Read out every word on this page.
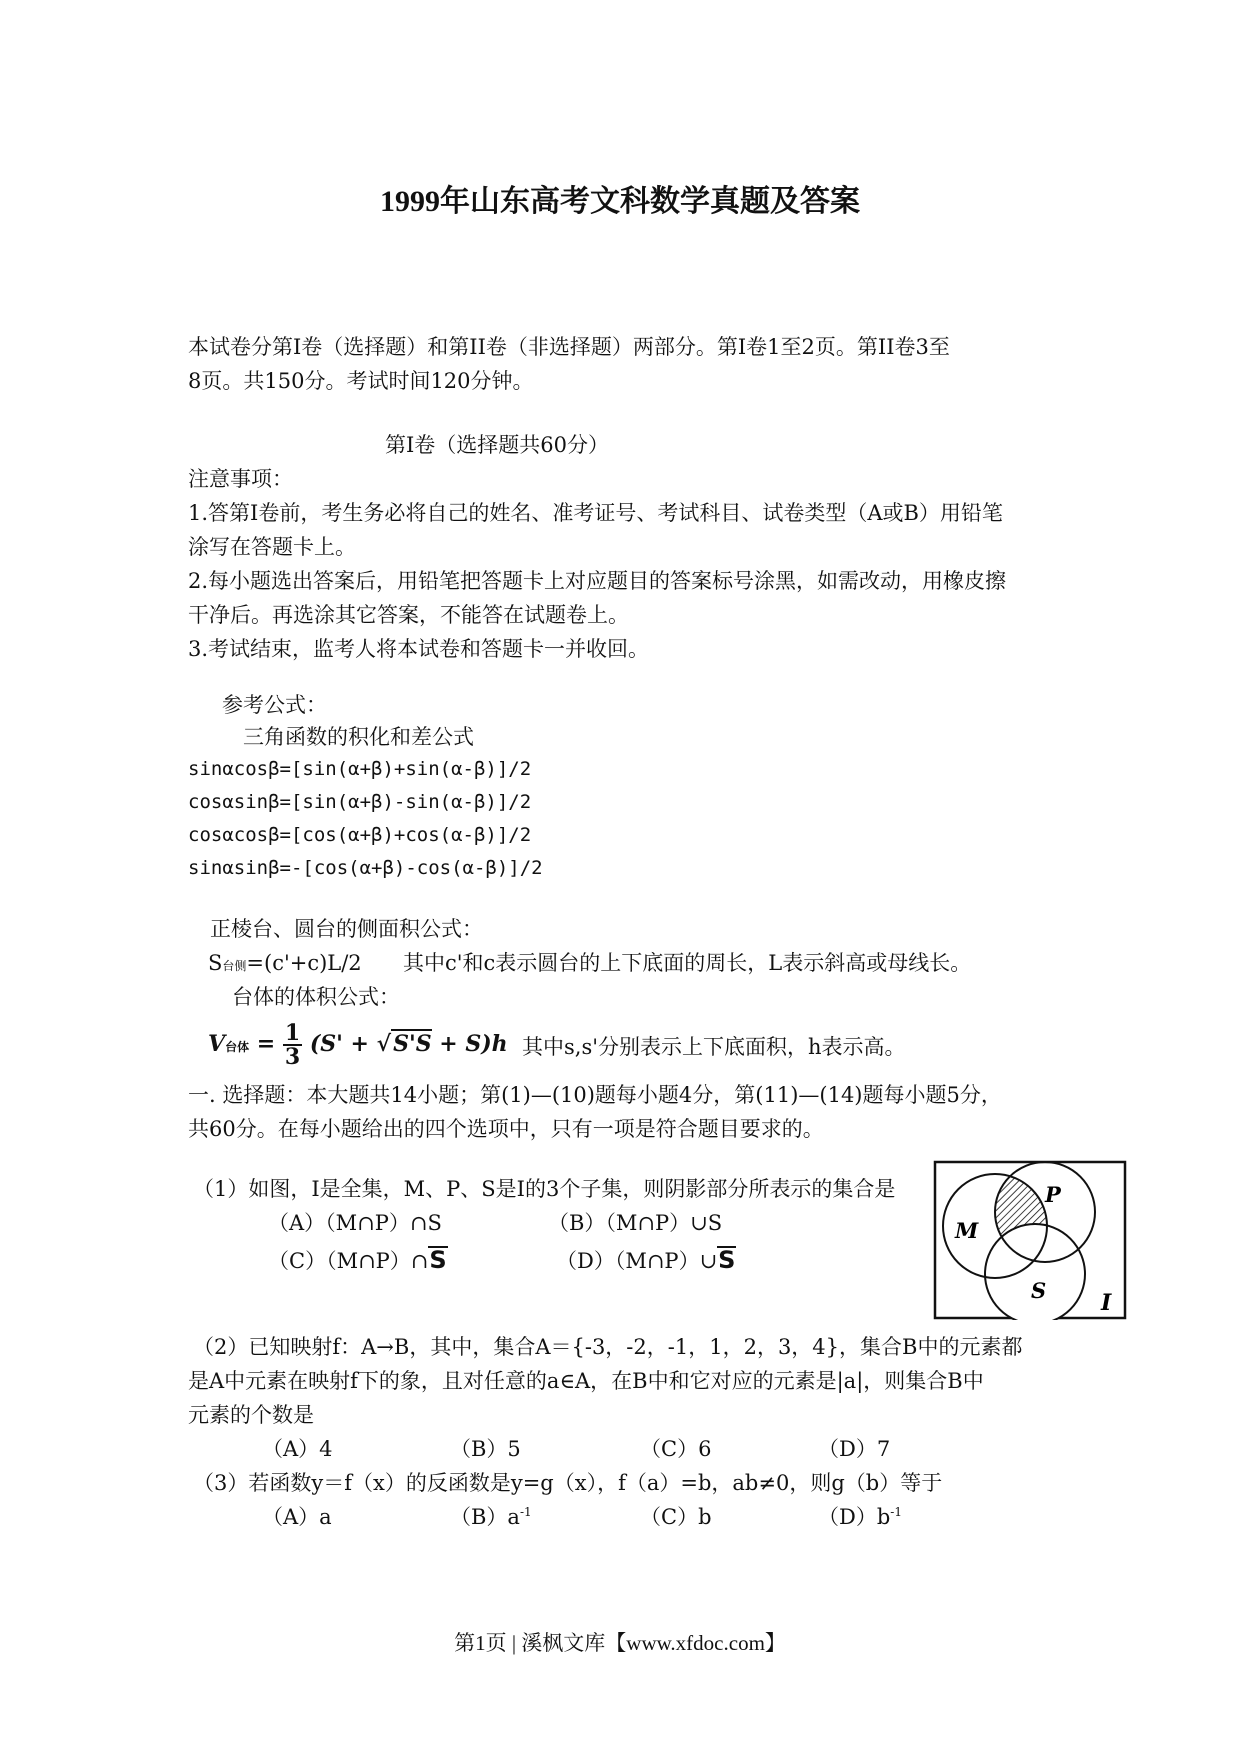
1999年山东高考文科数学真题及答案
本试卷分第Ⅰ卷（选择题）和第II卷（非选择题）两部分。第Ⅰ卷1至2页。第II卷3至
8页。共150分。考试时间120分钟。
第Ⅰ卷（选择题共60分）
注意事项：
1.答第Ⅰ卷前，考生务必将自己的姓名、准考证号、考试科目、试卷类型（A或B）用铅笔
涂写在答题卡上。
2.每小题选出答案后，用铅笔把答题卡上对应题目的答案标号涂黑，如需改动，用橡皮擦
干净后。再选涂其它答案，不能答在试题卷上。
3.考试结束，监考人将本试卷和答题卡一并收回。
参考公式：
三角函数的积化和差公式
sinαcosβ=[sin(α+β)+sin(α-β)]/2
cosαsinβ=[sin(α+β)-sin(α-β)]/2
cosαcosβ=[cos(α+β)+cos(α-β)]/2
sinαsinβ=-[cos(α+β)-cos(α-β)]/2
正棱台、圆台的侧面积公式：
S台侧=(c'+c)L/2 其中c'和c表示圆台的上下底面的周长，L表示斜高或母线长。
台体的体积公式：
V台体 = $\frac{1}{3} (S' + √S'S + S)h$ 其中s,s'分别表示上下底面积，h表示高。
一. 选择题：本大题共14小题；第(1)—(10)题每小题4分，第(11)—(14)题每小题5分，
共60分。在每小题给出的四个选项中，只有一项是符合题目要求的。
（1）如图，I是全集，M、P、S是I的3个子集，则阴影部分所表示的集合是
（A）（M∩P）∩S	（B）（M∩P）∪S
（C）（M∩P）∩S	（D）（M∩P）∪S
M
P
S I
（2）已知映射f：A→B，其中，集合A＝{-3，-2，-1，1，2，3，4}，集合B中的元素都
是A中元素在映射f下的象，且对任意的a∈A，在B中和它对应的元素是|a|，则集合B中
元素的个数是
（A）4	（B）5	（C）6	（D）7
（3）若函数y＝f（x）的反函数是y=g（x），f（a）=b，ab≠0，则g（b）等于
（A）a	$(B)a^{-1}$	（C）b	$(D)b^{-1}$
第1页 | 溪枫文库【www.xfdoc.com】
